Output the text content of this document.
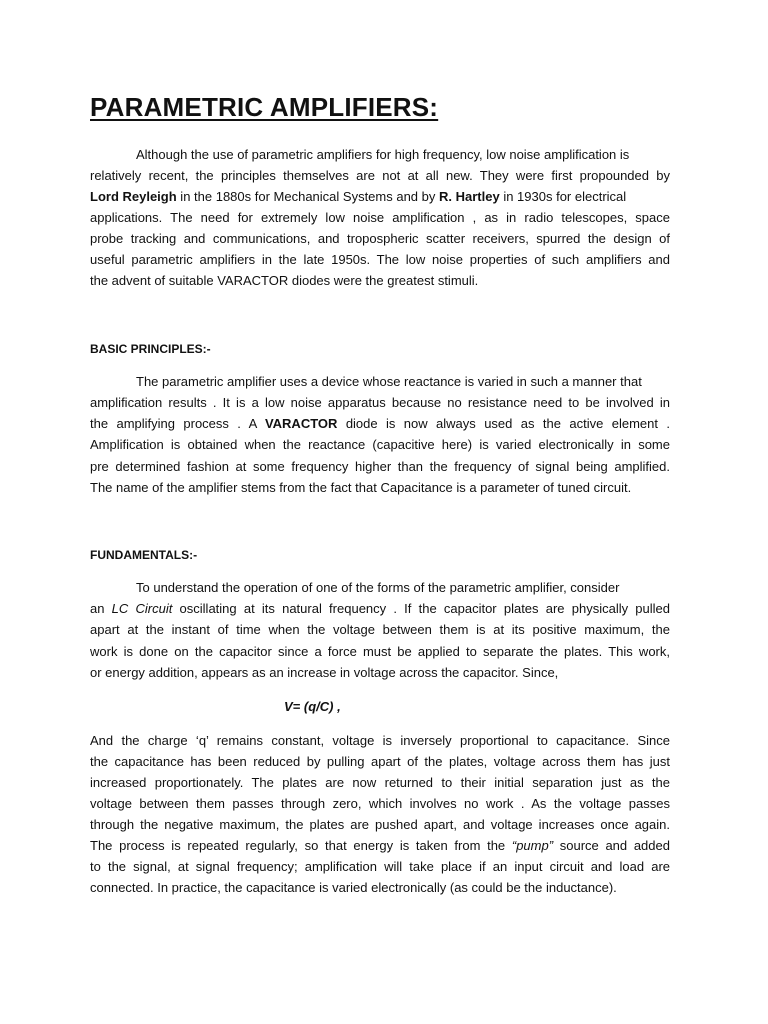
PARAMETRIC AMPLIFIERS:
Although the use of parametric amplifiers for high frequency, low noise amplification is
relatively recent, the principles themselves are not at all new. They were first propounded by
Lord Reyleigh in the 1880s for Mechanical Systems and by R. Hartley in 1930s for electrical
applications. The need for extremely low noise amplification , as in radio telescopes, space
probe tracking and communications, and tropospheric scatter receivers, spurred the design of
useful parametric amplifiers in the late 1950s. The low noise properties of such amplifiers and
the advent of suitable VARACTOR diodes were the greatest stimuli.
BASIC PRINCIPLES:-
The parametric amplifier uses a device whose reactance is varied in such a manner that
amplification results . It is a low noise apparatus because no resistance need to be involved in
the amplifying process . A VARACTOR diode is now always used as the active element .
Amplification is obtained when the reactance (capacitive here) is varied electronically in some
pre determined fashion at some frequency higher than the frequency of signal being amplified.
The name of the amplifier stems from the fact that Capacitance is a parameter of tuned circuit.
FUNDAMENTALS:-
To understand the operation of one of the forms of the parametric amplifier, consider
an LC Circuit oscillating at its natural frequency . If the capacitor plates are physically pulled
apart at the instant of time when the voltage between them is at its positive maximum, the
work is done on the capacitor since a force must be applied to separate the plates. This work,
or energy addition, appears as an increase in voltage across the capacitor. Since,
V= (q/C) ,
And the charge ‘q’ remains constant, voltage is inversely proportional to capacitance. Since
the capacitance has been reduced by pulling apart of the plates, voltage across them has just
increased proportionately. The plates are now returned to their initial separation just as the
voltage between them passes through zero, which involves no work . As the voltage passes
through the negative maximum, the plates are pushed apart, and voltage increases once again.
The process is repeated regularly, so that energy is taken from the “pump” source and added
to the signal, at signal frequency; amplification will take place if an input circuit and load are
connected. In practice, the capacitance is varied electronically (as could be the inductance).
